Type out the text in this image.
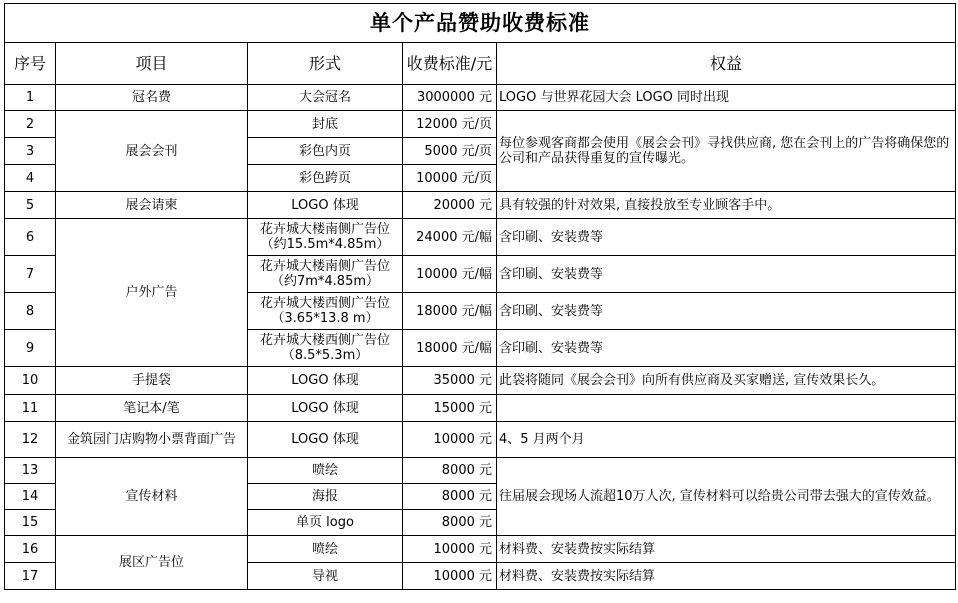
单个产品赞助收费标准				
序号	项目	形式	收费标准/元	权益
1	冠名费	大会冠名	3000000 元	LOGO 与世界花园大会 LOGO 同时出现
2	展会会刊	封底	12000 元/页	每位参观客商都会使用《展会会刊》寻找供应商, 您在会刊上的广告将确保您的公司和产品获得重复的宣传曝光。
3		彩色内页	5000 元/页	
4		彩色跨页	10000 元/页	
5	展会请柬	LOGO 体现	20000 元	具有较强的针对效果, 直接投放至专业顾客手中。
6	户外广告	花卉城大楼南侧广告位（约15.5m*4.85m）	24000 元/幅	含印刷、安装费等
7		花卉城大楼南侧广告位（约7m*4.85m）	10000 元/幅	含印刷、安装费等
8		花卉城大楼西侧广告位（3.65*13.8 m）	18000 元/幅	含印刷、安装费等
9		花卉城大楼西侧广告位（8.5*5.3m）	18000 元/幅	含印刷、安装费等
10	手提袋	LOGO 体现	35000 元	此袋将随同《展会会刊》向所有供应商及买家赠送, 宣传效果长久。
11	笔记本/笔	LOGO 体现	15000 元	
12	金筑园门店购物小票背面广告	LOGO 体现	10000 元	4、5 月两个月
13	宣传材料	喷绘	8000 元	往届展会现场人流超10万人次, 宣传材料可以给贵公司带去强大的宣传效益。
14		海报	8000 元	
15		单页 logo	8000 元	
16	展区广告位	喷绘	10000 元	材料费、安装费按实际结算
17		导视	10000 元	材料费、安装费按实际结算
